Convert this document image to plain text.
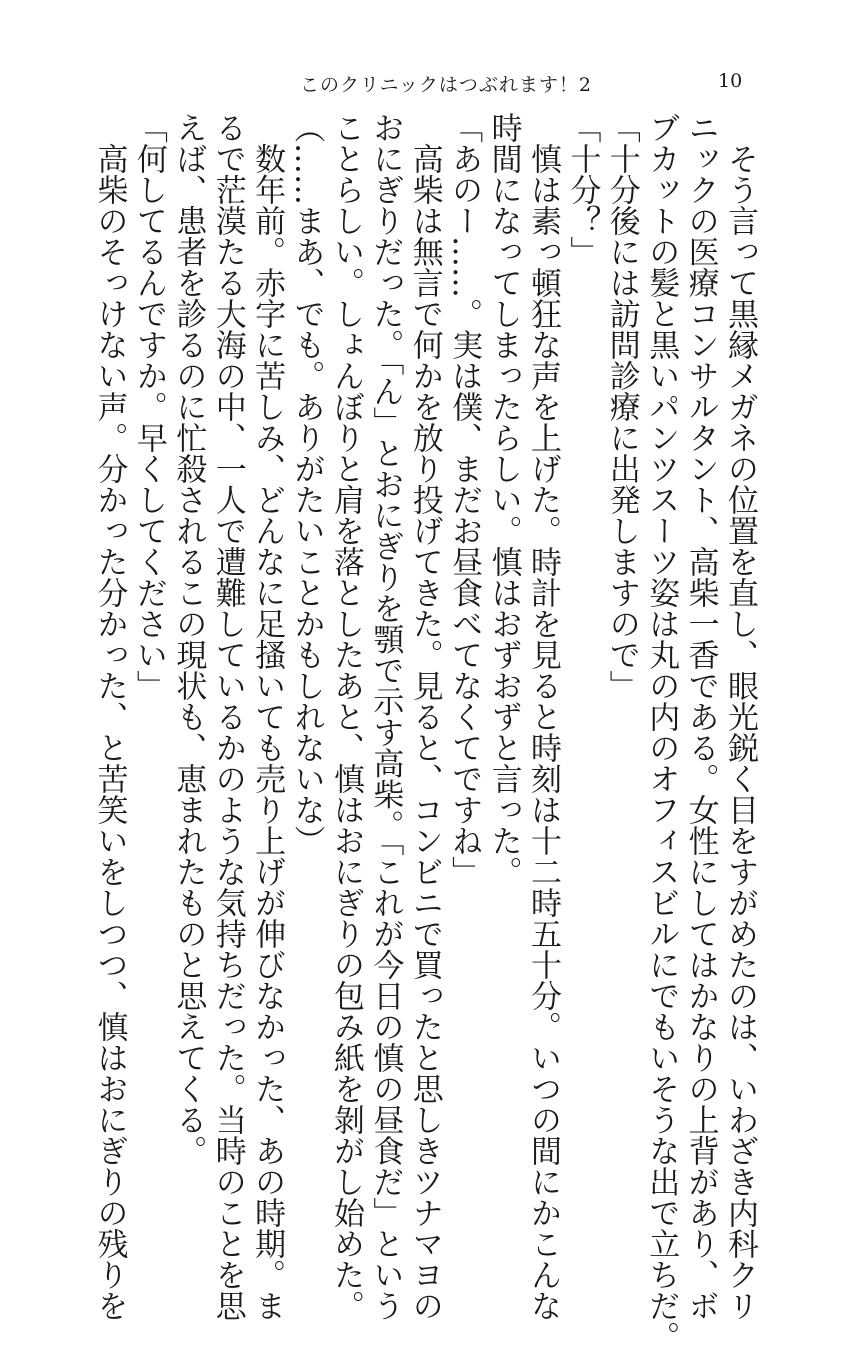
このクリニックはつぶれます！2	10
　そう言って黒縁メガネの位置を直し、眼光鋭く目をすがめたのは、いわざき内科クリ
ニックの医療コンサルタント、高柴一香である。女性にしてはかなりの上背があり、ボ
ブカットの髪と黒いパンツスーツ姿は丸の内のオフィスビルにでもいそうな出で立ちだ。
「十分後には訪問診療に出発しますので」
「十分？」
　慎は素っ頓狂な声を上げた。時計を見ると時刻は十二時五十分。いつの間にかこんな
時間になってしまったらしい。慎はおずおずと言った。
「あのー……。実は僕、まだお昼食べてなくてですね」
　高柴は無言で何かを放り投げてきた。見ると、コンビニで買ったと思しきツナマヨの
おにぎりだった。「ん」とおにぎりを顎で示す高柴。「これが今日の慎の昼食だ」という
ことらしい。しょんぼりと肩を落としたあと、慎はおにぎりの包み紙を剝がし始めた。
（……まあ、でも。ありがたいことかもしれないな）
　数年前。赤字に苦しみ、どんなに足搔いても売り上げが伸びなかった、あの時期。ま
るで茫漠たる大海の中、一人で遭難しているかのような気持ちだった。当時のことを思
えば、患者を診るのに忙殺されるこの現状も、恵まれたものと思えてくる。
「何してるんですか。早くしてください」
　高柴のそっけない声。分かった分かった、と苦笑いをしつつ、慎はおにぎりの残りを
